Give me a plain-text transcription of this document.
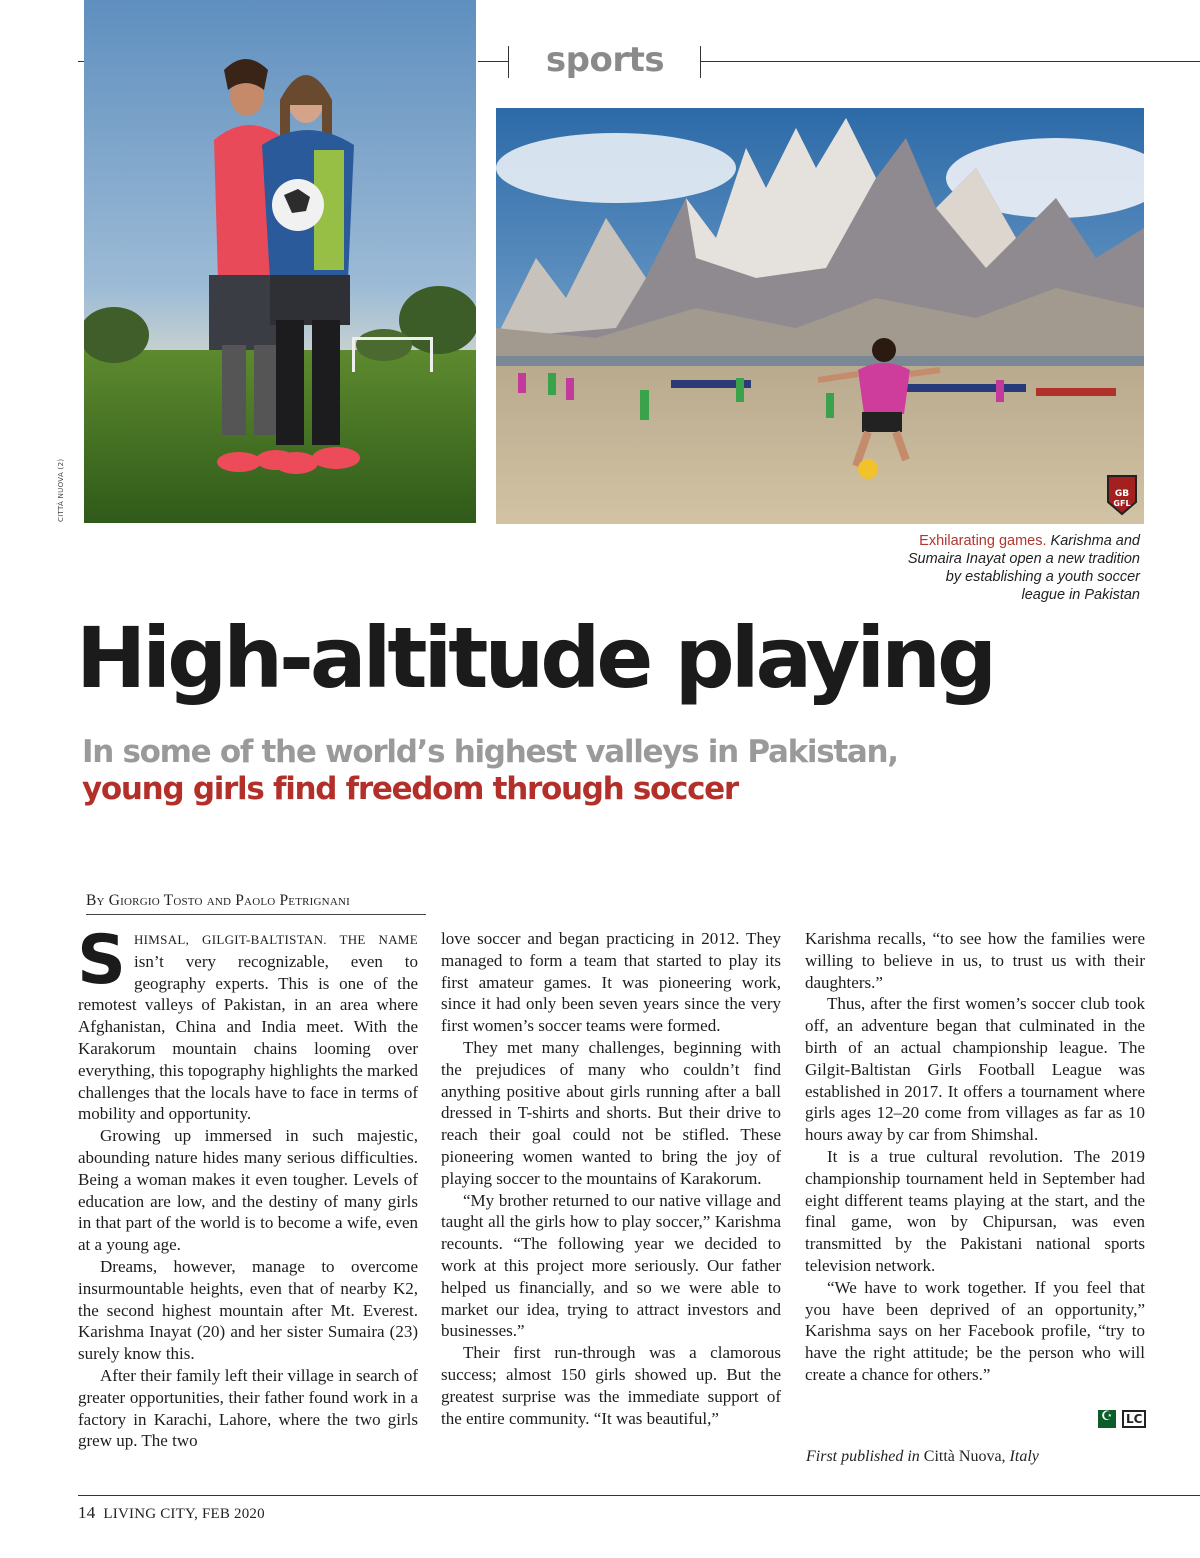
sports
CITTÀ NUOVA (2)	GB
GFL
Exhilarating games. Karishma and Sumaira Inayat open a new tradition by establishing a youth soccer league in Pakistan
High-altitude playing
In some of the world’s highest valleys in Pakistan, young girls find freedom through soccer
By Giorgio Tosto and Paolo Petrignani

SHIMSAL, GILGIT-BALTISTAN. THE NAME isn’t very recognizable, even to geography experts. This is one of the remotest valleys of Pakistan, in an area where Afghanistan, China and India meet. With the Karakorum mountain chains looming over everything, this topography highlights the marked challenges that the locals have to face in terms of mobility and opportunity.

Growing up immersed in such majestic, abounding nature hides many serious difficulties. Being a woman makes it even tougher. Levels of education are low, and the destiny of many girls in that part of the world is to become a wife, even at a young age.

Dreams, however, manage to overcome insurmountable heights, even that of nearby K2, the second highest mountain after Mt. Everest. Karishma Inayat (20) and her sister Sumaira (23) surely know this.

After their family left their village in search of greater opportunities, their father found work in a factory in Karachi, Lahore, where the two girls grew up. The two

love soccer and began practicing in 2012. They managed to form a team that started to play its first amateur games. It was pioneering work, since it had only been seven years since the very first women’s soccer teams were formed.

They met many challenges, beginning with the prejudices of many who couldn’t find anything positive about girls running after a ball dressed in T-shirts and shorts. But their drive to reach their goal could not be stifled. These pioneering women wanted to bring the joy of playing soccer to the mountains of Karakorum.

“My brother returned to our native village and taught all the girls how to play soccer,” Karishma recounts. “The following year we decided to work at this project more seriously. Our father helped us financially, and so we were able to market our idea, trying to attract investors and businesses.”

Their first run-through was a clamorous success; almost 150 girls showed up. But the greatest surprise was the immediate support of the entire community. “It was beautiful,”

Karishma recalls, “to see how the families were willing to believe in us, to trust us with their daughters.”

Thus, after the first women’s soccer club took off, an adventure began that culminated in the birth of an actual championship league. The Gilgit-Baltistan Girls Football League was established in 2017. It offers a tournament where girls ages 12–20 come from villages as far as 10 hours away by car from Shimshal.

It is a true cultural revolution. The 2019 championship tournament held in September had eight different teams playing at the start, and the final game, won by Chipursan, was even transmitted by the Pakistani national sports television network.

“We have to work together. If you feel that you have been deprived of an opportunity,” Karishma says on her Facebook profile, “try to have the right attitude; be the person who will create a chance for others.”

☪LC
First published in Città Nuova, Italy
14 LIVING CITY, FEB 2020
